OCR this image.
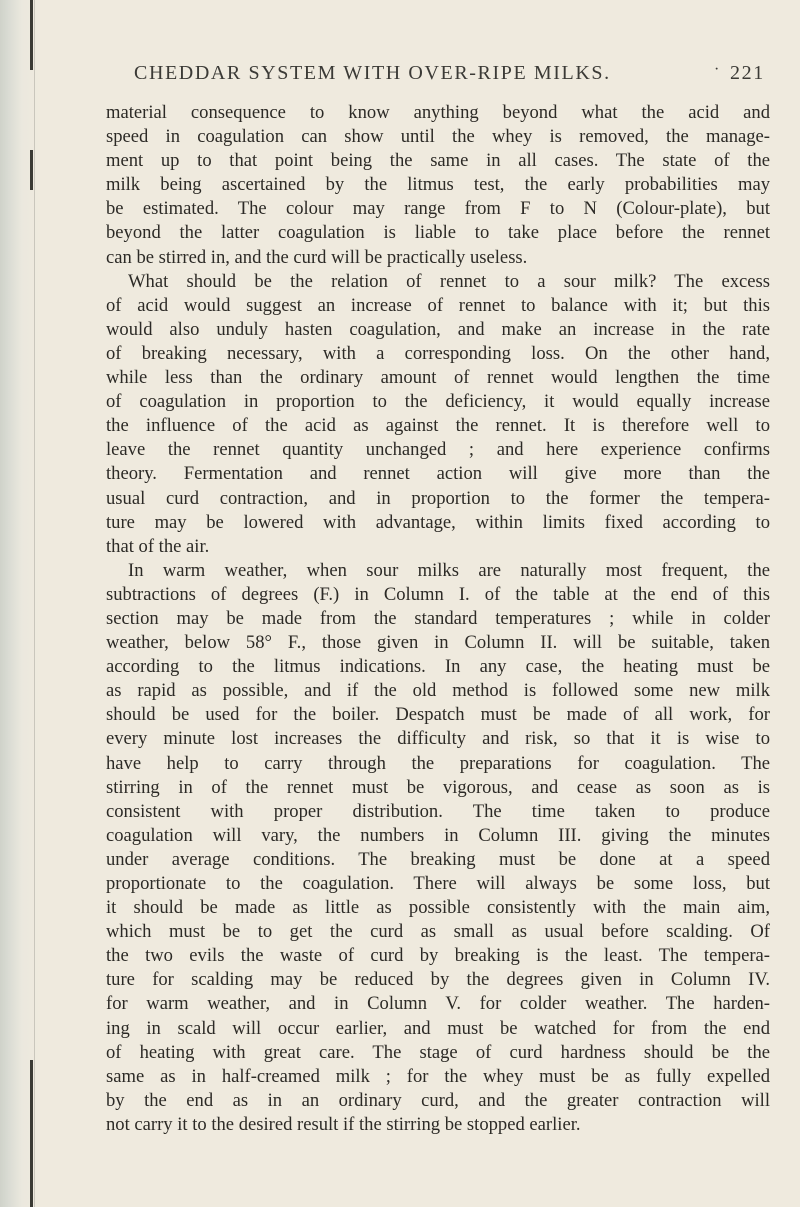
CHEDDAR SYSTEM WITH OVER-RIPE MILKS.	· 221
material consequence to know anything beyond what the acid and
speed in coagulation can show until the whey is removed, the manage-
ment up to that point being the same in all cases. The state of the
milk being ascertained by the litmus test, the early probabilities may
be estimated. The colour may range from F to N (Colour-plate), but
beyond the latter coagulation is liable to take place before the rennet
can be stirred in, and the curd will be practically useless.
What should be the relation of rennet to a sour milk? The excess
of acid would suggest an increase of rennet to balance with it; but this
would also unduly hasten coagulation, and make an increase in the rate
of breaking necessary, with a corresponding loss. On the other hand,
while less than the ordinary amount of rennet would lengthen the time
of coagulation in proportion to the deficiency, it would equally increase
the influence of the acid as against the rennet. It is therefore well to
leave the rennet quantity unchanged ; and here experience confirms
theory. Fermentation and rennet action will give more than the
usual curd contraction, and in proportion to the former the tempera-
ture may be lowered with advantage, within limits fixed according to
that of the air.
In warm weather, when sour milks are naturally most frequent, the
subtractions of degrees (F.) in Column I. of the table at the end of this
section may be made from the standard temperatures ; while in colder
weather, below 58° F., those given in Column II. will be suitable, taken
according to the litmus indications. In any case, the heating must be
as rapid as possible, and if the old method is followed some new milk
should be used for the boiler. Despatch must be made of all work, for
every minute lost increases the difficulty and risk, so that it is wise to
have help to carry through the preparations for coagulation. The
stirring in of the rennet must be vigorous, and cease as soon as is
consistent with proper distribution. The time taken to produce
coagulation will vary, the numbers in Column III. giving the minutes
under average conditions. The breaking must be done at a speed
proportionate to the coagulation. There will always be some loss, but
it should be made as little as possible consistently with the main aim,
which must be to get the curd as small as usual before scalding. Of
the two evils the waste of curd by breaking is the least. The tempera-
ture for scalding may be reduced by the degrees given in Column IV.
for warm weather, and in Column V. for colder weather. The harden-
ing in scald will occur earlier, and must be watched for from the end
of heating with great care. The stage of curd hardness should be the
same as in half-creamed milk ; for the whey must be as fully expelled
by the end as in an ordinary curd, and the greater contraction will
not carry it to the desired result if the stirring be stopped earlier.
